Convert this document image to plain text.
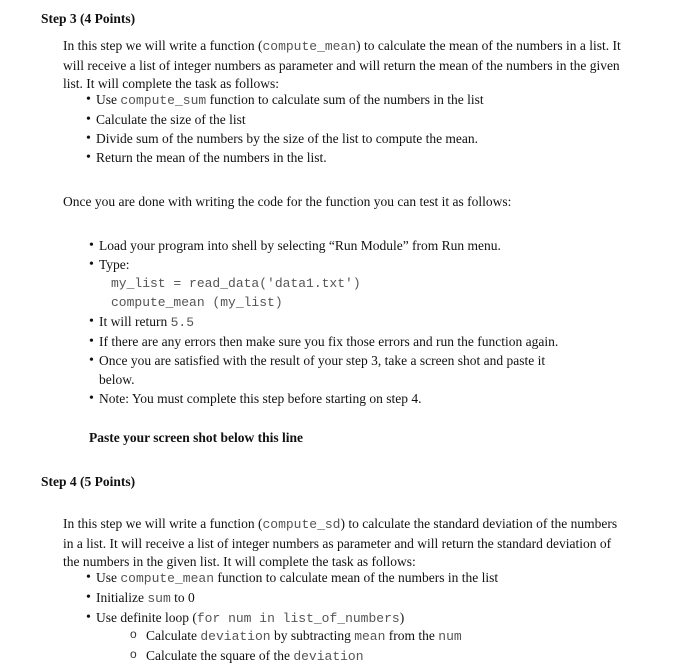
Step 3 (4 Points)
In this step we will write a function (compute_mean) to calculate the mean of the numbers in a list. It will receive a list of integer numbers as parameter and will return the mean of the numbers in the given list. It will complete the task as follows:
• Use compute_sum function to calculate sum of the numbers in the list
• Calculate the size of the list
• Divide sum of the numbers by the size of the list to compute the mean.
• Return the mean of the numbers in the list.
Once you are done with writing the code for the function you can test it as follows:
• Load your program into shell by selecting “Run Module” from Run menu.
• Type:
my_list = read_data('data1.txt')
compute_mean (my_list)
• It will return 5.5
• If there are any errors then make sure you fix those errors and run the function again.
• Once you are satisfied with the result of your step 3, take a screen shot and paste it below.
• Note: You must complete this step before starting on step 4.
Paste your screen shot below this line
Step 4 (5 Points)
In this step we will write a function (compute_sd) to calculate the standard deviation of the numbers in a list. It will receive a list of integer numbers as parameter and will return the standard deviation of the numbers in the given list. It will complete the task as follows:
• Use compute_mean function to calculate mean of the numbers in the list
• Initialize sum to 0
• Use definite loop (for num in list_of_numbers)
o Calculate deviation by subtracting mean from the num
o Calculate the square of the deviation
